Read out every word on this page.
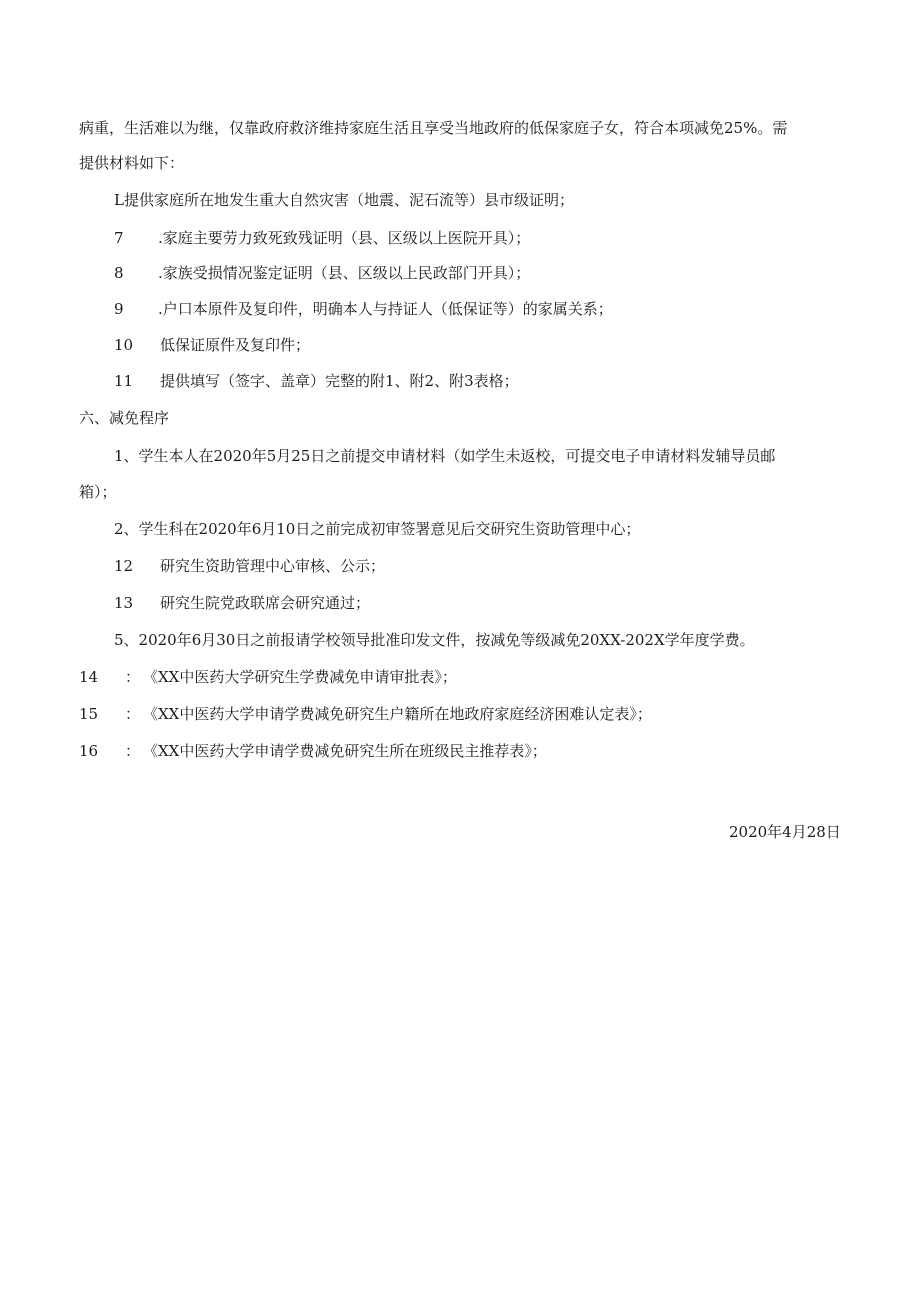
病重，生活难以为继，仅靠政府救济维持家庭生活且享受当地政府的低保家庭子女，符合本项减免25%。需
提供材料如下：
L提供家庭所在地发生重大自然灾害（地震、泥石流等）县市级证明；
7 .家庭主要劳力致死致残证明（县、区级以上医院开具）；
8 .家族受损情况鉴定证明（县、区级以上民政部门开具）；
9 .户口本原件及复印件，明确本人与持证人（低保证等）的家属关系；
10 低保证原件及复印件；
11 提供填写（签字、盖章）完整的附1、附2、附3表格；
六、减免程序
1、学生本人在2020年5月25日之前提交申请材料（如学生未返校，可提交电子申请材料发辅导员邮
箱）；
2、学生科在2020年6月10日之前完成初审签署意见后交研究生资助管理中心；
12 研究生资助管理中心审核、公示；
13 研究生院党政联席会研究通过；
5、2020年6月30日之前报请学校领导批准印发文件，按减免等级减免20XX-202X学年度学费。
14 ： 《XX中医药大学研究生学费减免申请审批表》；
15 ： 《XX中医药大学申请学费减免研究生户籍所在地政府家庭经济困难认定表》；
16 ： 《XX中医药大学申请学费减免研究生所在班级民主推荐表》；
2020年4月28日
